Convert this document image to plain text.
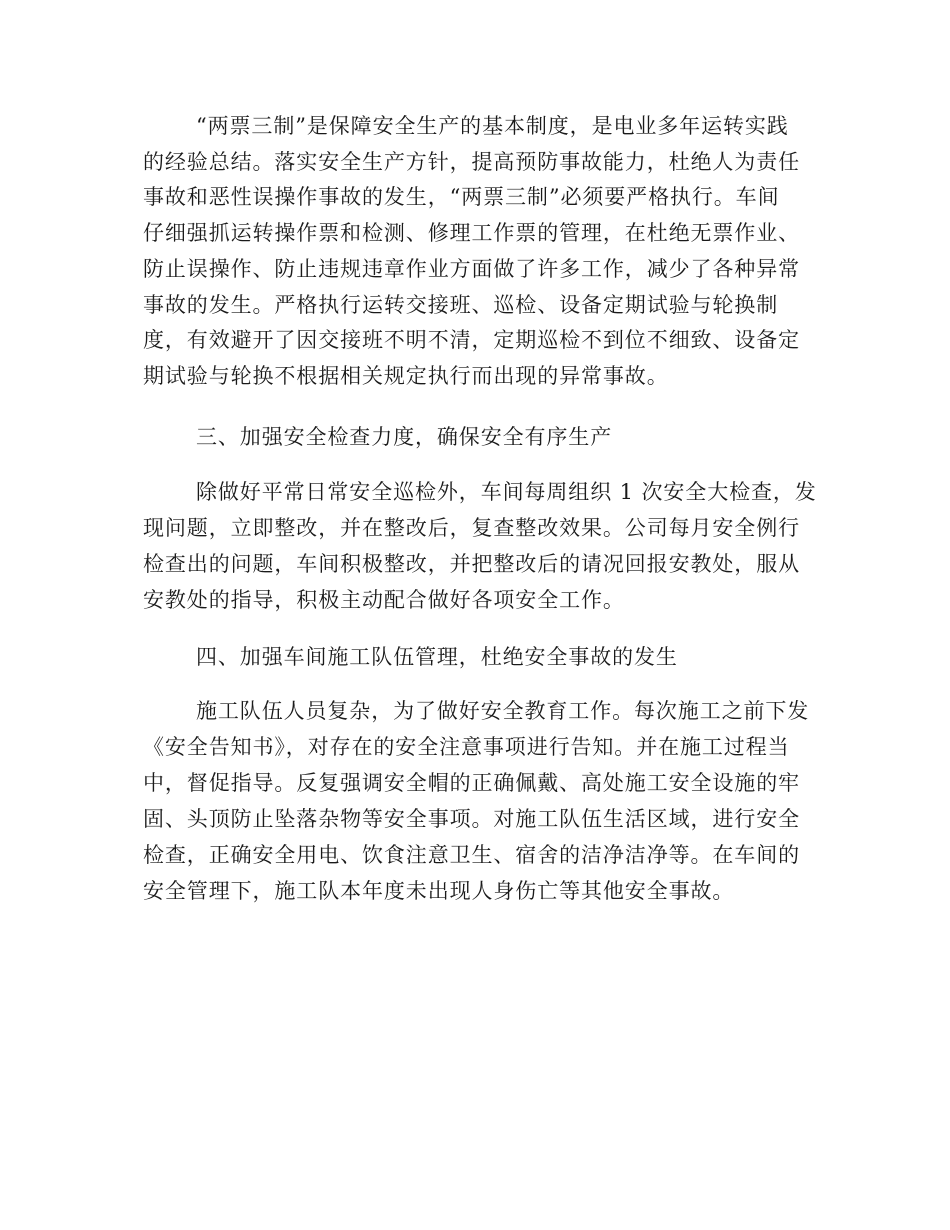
“两票三制”是保障安全生产的基本制度，是电业多年运转实践
的经验总结。落实安全生产方针，提高预防事故能力，杜绝人为责任
事故和恶性误操作事故的发生，“两票三制”必须要严格执行。车间
仔细强抓运转操作票和检测、修理工作票的管理，在杜绝无票作业、
防止误操作、防止违规违章作业方面做了许多工作，减少了各种异常
事故的发生。严格执行运转交接班、巡检、设备定期试验与轮换制
度，有效避开了因交接班不明不清，定期巡检不到位不细致、设备定
期试验与轮换不根据相关规定执行而出现的异常事故。
三、加强安全检查力度，确保安全有序生产
除做好平常日常安全巡检外，车间每周组织 1 次安全大检查，发
现问题，立即整改，并在整改后，复查整改效果。公司每月安全例行
检查出的问题，车间积极整改，并把整改后的请况回报安教处，服从
安教处的指导，积极主动配合做好各项安全工作。
四、加强车间施工队伍管理，杜绝安全事故的发生
施工队伍人员复杂，为了做好安全教育工作。每次施工之前下发
《安全告知书》，对存在的安全注意事项进行告知。并在施工过程当
中，督促指导。反复强调安全帽的正确佩戴、高处施工安全设施的牢
固、头顶防止坠落杂物等安全事项。对施工队伍生活区域，进行安全
检查，正确安全用电、饮食注意卫生、宿舍的洁净洁净等。在车间的
安全管理下，施工队本年度未出现人身伤亡等其他安全事故。
